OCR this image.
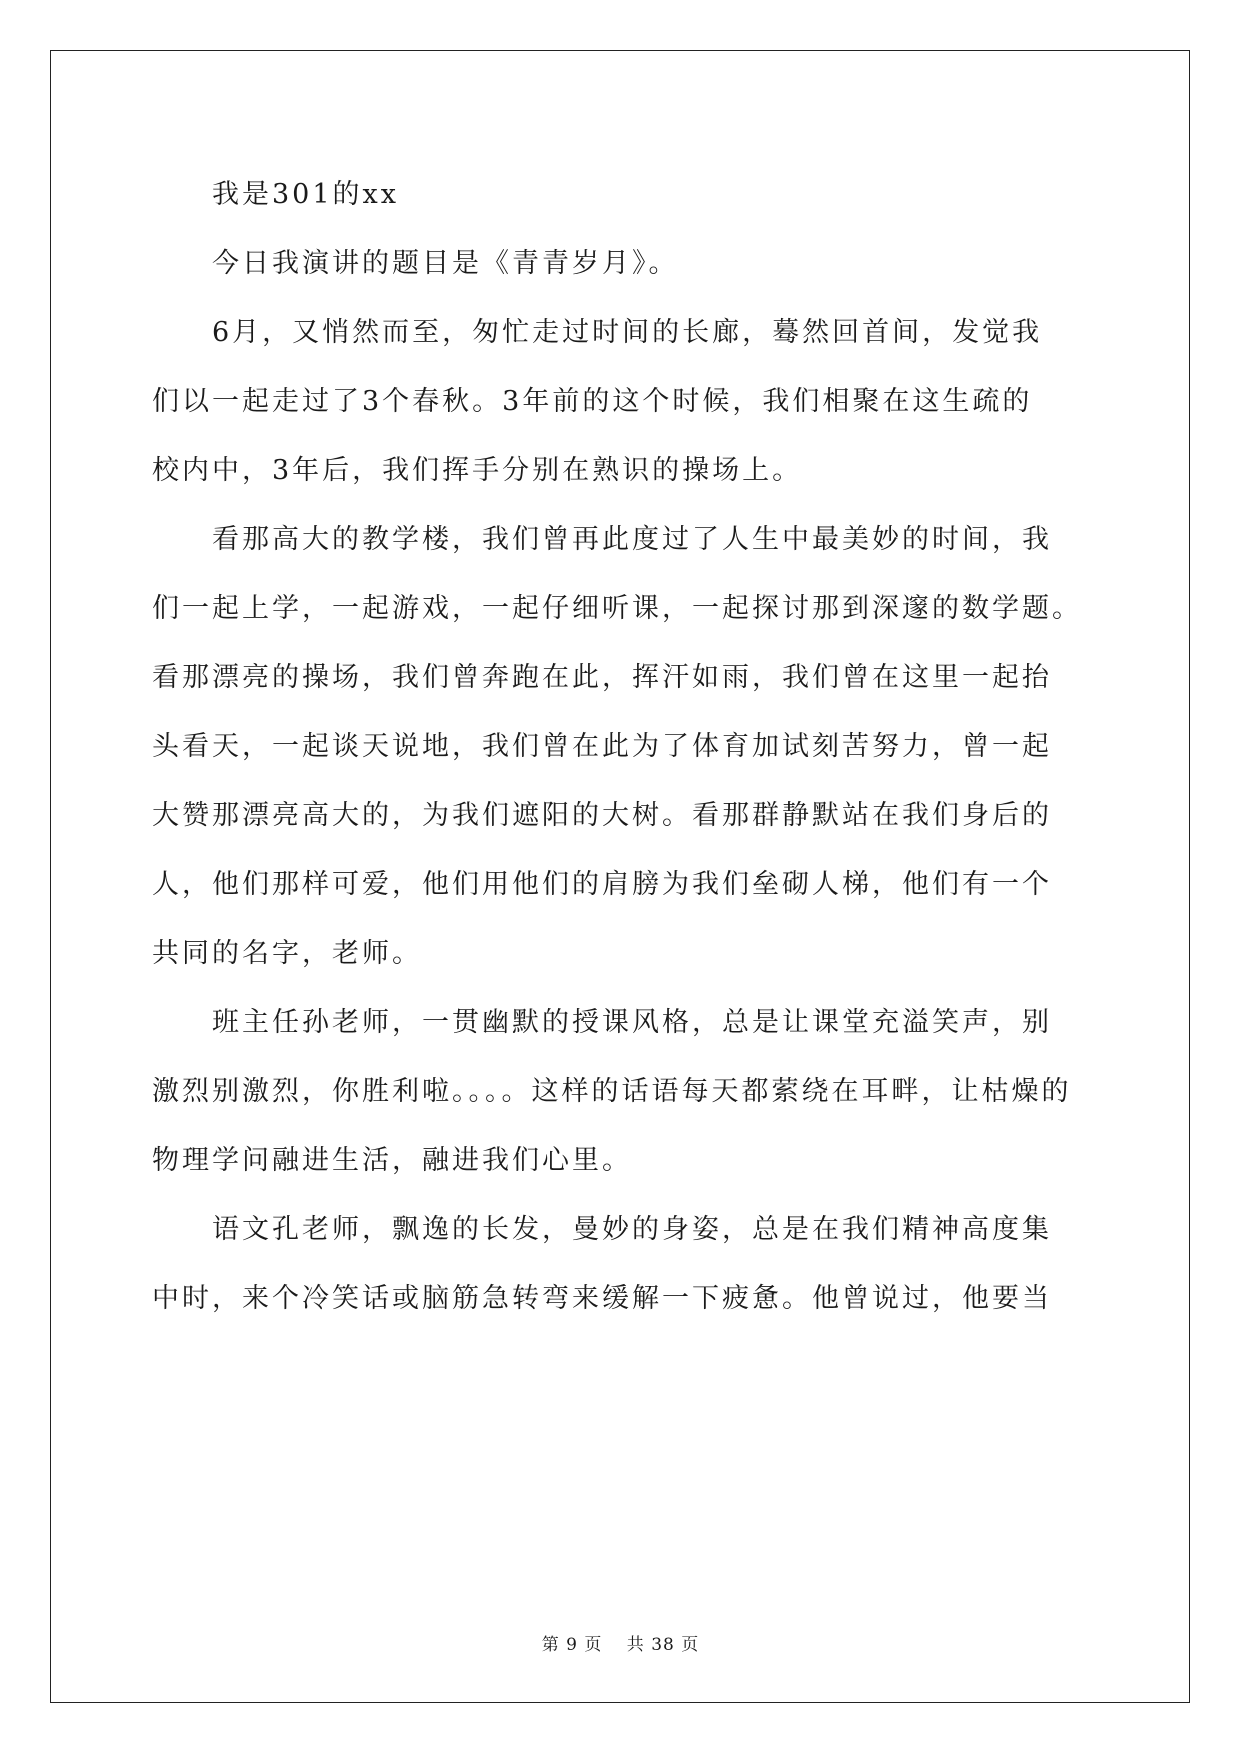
　　我是301的xx
　　今日我演讲的题目是《青青岁月》。
　　6月，又悄然而至，匆忙走过时间的长廊，蓦然回首间，发觉我
们以一起走过了3个春秋。3年前的这个时候，我们相聚在这生疏的
校内中，3年后，我们挥手分别在熟识的操场上。
　　看那高大的教学楼，我们曾再此度过了人生中最美妙的时间，我
们一起上学，一起游戏，一起仔细听课，一起探讨那到深邃的数学题。
看那漂亮的操场，我们曾奔跑在此，挥汗如雨，我们曾在这里一起抬
头看天，一起谈天说地，我们曾在此为了体育加试刻苦努力，曾一起
大赞那漂亮高大的，为我们遮阳的大树。看那群静默站在我们身后的
人，他们那样可爱，他们用他们的肩膀为我们垒砌人梯，他们有一个
共同的名字，老师。
　　班主任孙老师，一贯幽默的授课风格，总是让课堂充溢笑声，别
激烈别激烈，你胜利啦。。。。这样的话语每天都萦绕在耳畔，让枯燥的
物理学问融进生活，融进我们心里。
　　语文孔老师，飘逸的长发，曼妙的身姿，总是在我们精神高度集
中时，来个冷笑话或脑筋急转弯来缓解一下疲惫。他曾说过，他要当
第 9 页　 共 38 页
